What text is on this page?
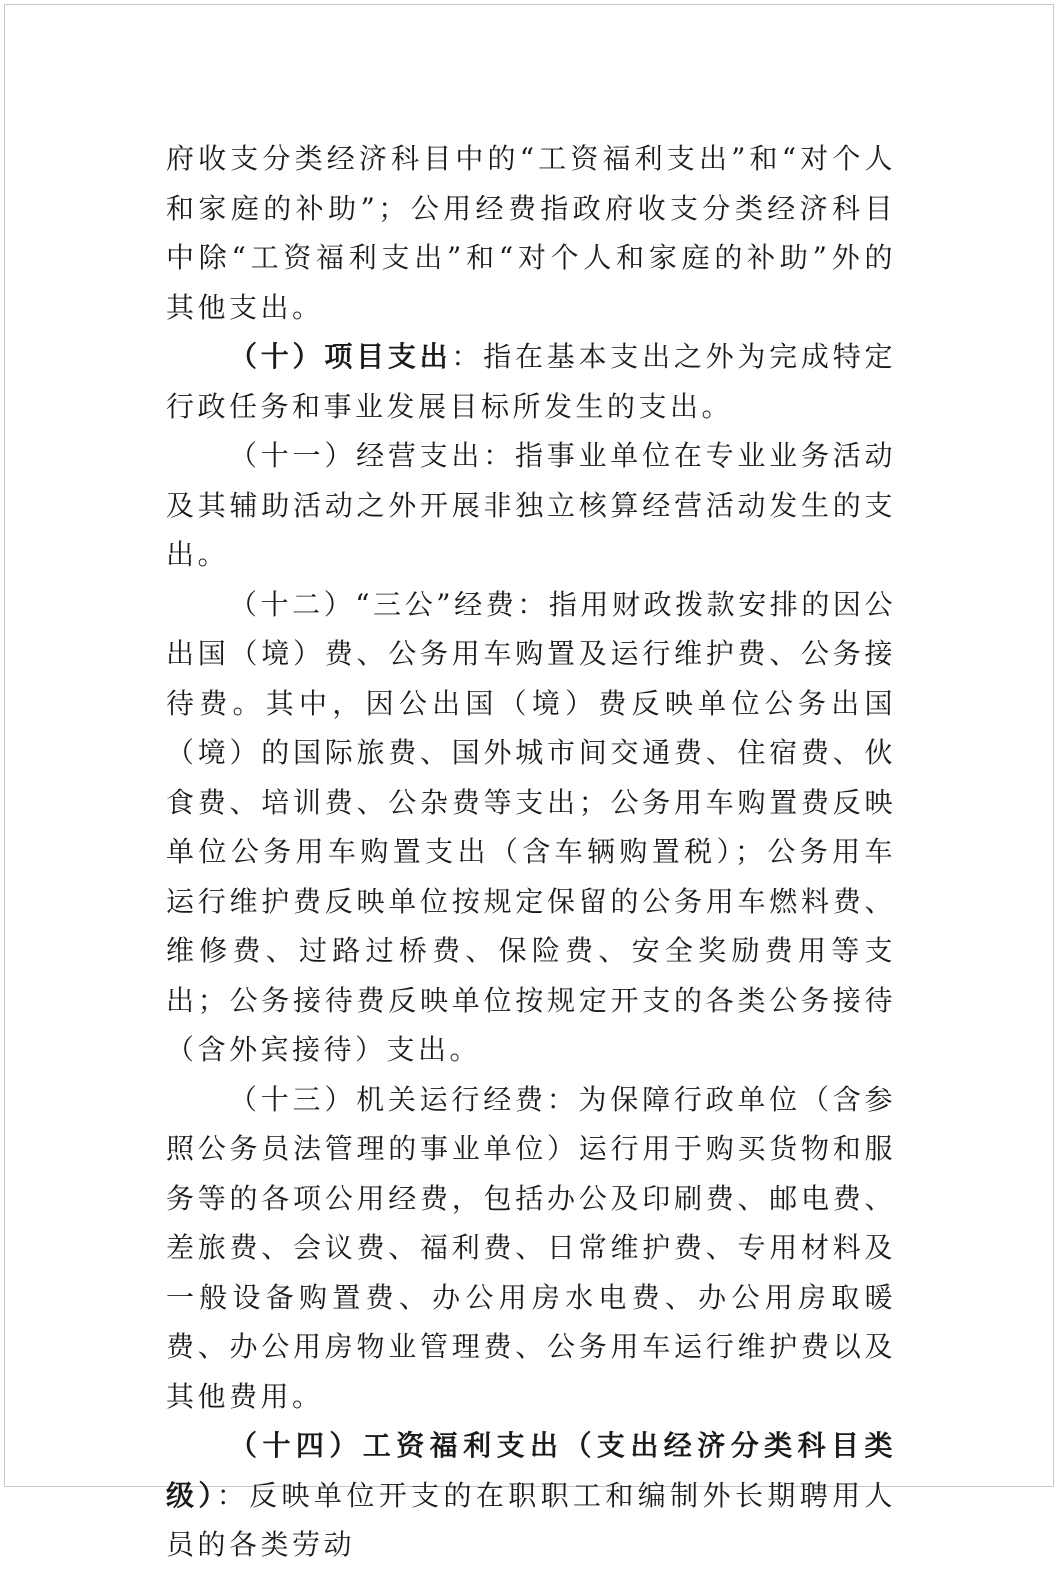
府收支分类经济科目中的“工资福利支出”和“对个人和家庭的补助”；公用经费指政府收支分类经济科目中除“工资福利支出”和“对个人和家庭的补助”外的其他支出。

（十）项目支出：指在基本支出之外为完成特定行政任务和事业发展目标所发生的支出。

（十一）经营支出：指事业单位在专业业务活动及其辅助活动之外开展非独立核算经营活动发生的支出。

（十二）“三公”经费：指用财政拨款安排的因公出国（境）费、公务用车购置及运行维护费、公务接待费。其中，因公出国（境）费反映单位公务出国（境）的国际旅费、国外城市间交通费、住宿费、伙食费、培训费、公杂费等支出；公务用车购置费反映单位公务用车购置支出（含车辆购置税）；公务用车运行维护费反映单位按规定保留的公务用车燃料费、维修费、过路过桥费、保险费、安全奖励费用等支出；公务接待费反映单位按规定开支的各类公务接待（含外宾接待）支出。

（十三）机关运行经费：为保障行政单位（含参照公务员法管理的事业单位）运行用于购买货物和服务等的各项公用经费，包括办公及印刷费、邮电费、差旅费、会议费、福利费、日常维护费、专用材料及一般设备购置费、办公用房水电费、办公用房取暖费、办公用房物业管理费、公务用车运行维护费以及其他费用。

（十四）工资福利支出（支出经济分类科目类级）：反映单位开支的在职职工和编制外长期聘用人员的各类劳动
